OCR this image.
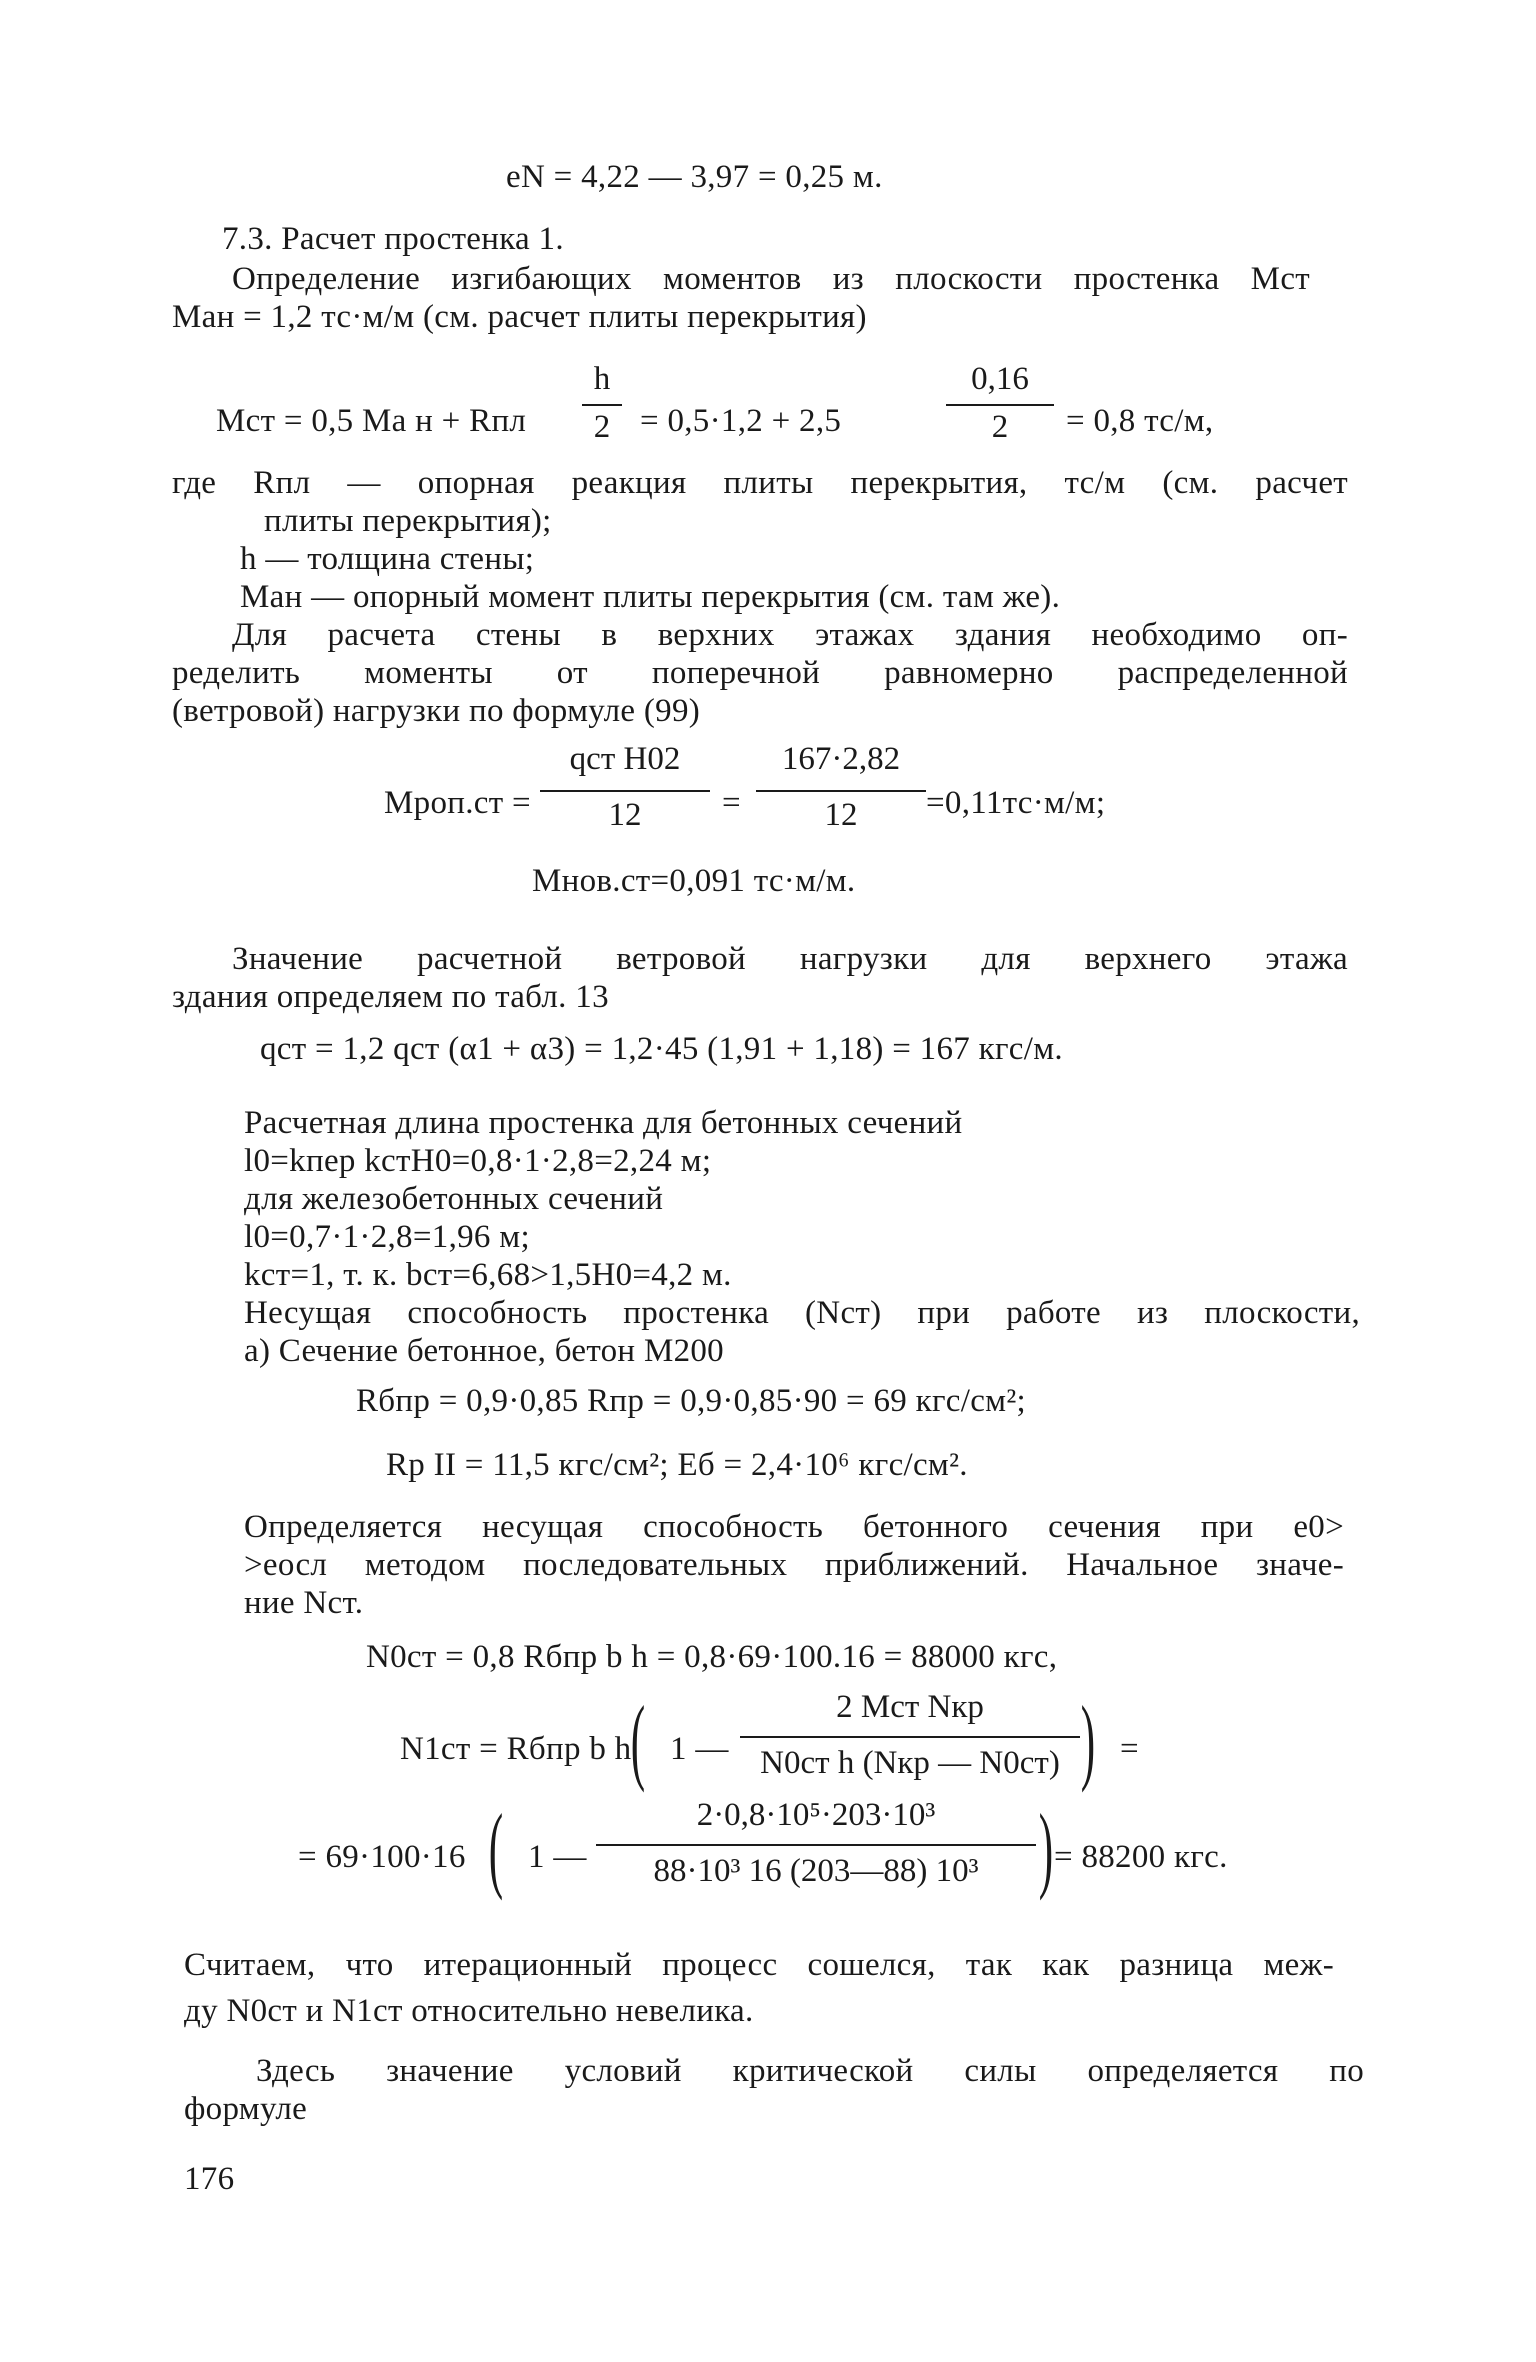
eN = 4,22 — 3,97 = 0,25 м.
7.3. Расчет простенка 1.
Определение изгибающих моментов из плоскости простенка Mст
Mан = 1,2 тс·м/м (см. расчет плиты перекрытия)
Mст = 0,5 Mа н + Rпл
h
2 = 0,5·1,2 + 2,5
0,16
2	= 0,8 тс/м,
где Rпл — опорная реакция плиты перекрытия, тс/м (см. расчет
плиты перекрытия);
h — толщина стены;
Mан — опорный момент плиты перекрытия (см. там же).
Для расчета стены в верхних этажах здания необходимо оп-
ределить моменты от поперечной равномерно распределенной
(ветровой) нагрузки по формуле (99)
Mpоп.ст =
qст H02
12	=
167·2,82
12	=0,11тс·м/м;
Mнов.ст=0,091 тс·м/м.
Значение расчетной ветровой нагрузки для верхнего этажа
здания определяем по табл. 13
qст = 1,2 qст (α1 + α3) = 1,2·45 (1,91 + 1,18) = 167 кгс/м.
Расчетная длина простенка для бетонных сечений
l0=kпер kстH0=0,8·1·2,8=2,24 м;
для железобетонных сечений
l0=0,7·1·2,8=1,96 м;
kст=1, т. к. bст=6,68>1,5H0=4,2 м.
Несущая способность простенка (Nст) при работе из плоскости,
а) Сечение бетонное, бетон М200
Rбпр = 0,9·0,85 Rпр = 0,9·0,85·90 = 69 кгс/см²;
Rр II = 11,5 кгс/см²; Eб = 2,4·10⁶ кгс/см².
Определяется несущая способность бетонного сечения при e0>
>eосл методом последовательных приближений. Начальное значе-
ние Nст.
N0ст = 0,8 Rбпр b h = 0,8·69·100.16 = 88000 кгс,
N1ст = Rбпр b h ( 1 —
2 Mст Nкр
N0ст h (Nкр — N0ст) ) =
= 69·100·16 ( 1 —
2·0,8·10⁵·203·10³
88·10³ 16 (203—88) 10³ ) = 88200 кгс.
Считаем, что итерационный процесс сошелся, так как разница меж-
ду N0ст и N1ст относительно невелика.
Здесь значение условий критической силы определяется по
формуле
176
